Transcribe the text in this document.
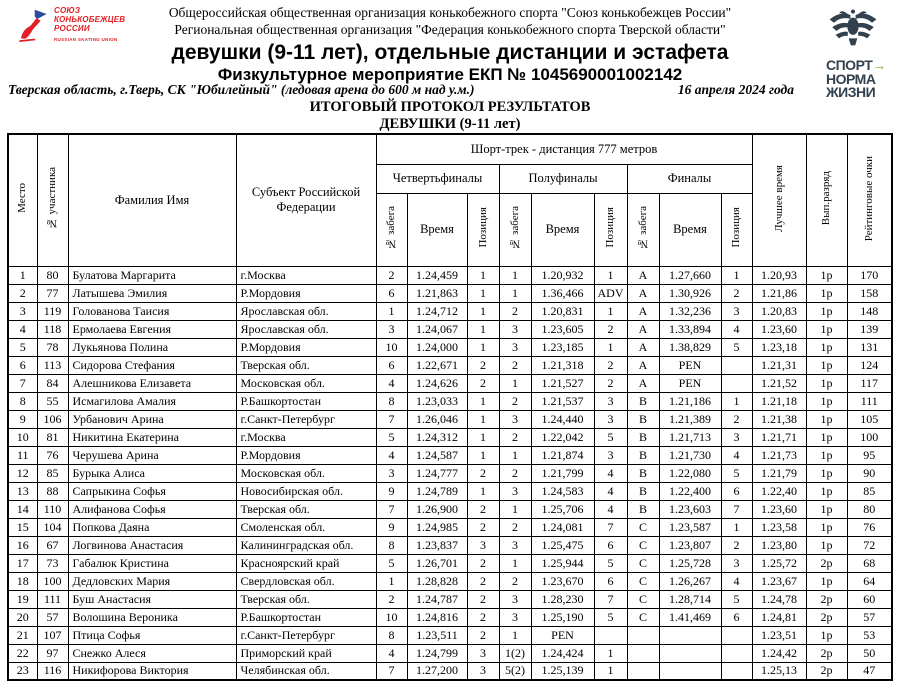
СОЮЗ
КОНЬКОБЕЖЦЕВ
РОССИИ
RUSSIAN SKATING UNION
СПОРТ→
НОРМА
ЖИЗНИ
Общероссийская общественная организация конькобежного спорта "Союз конькобежцев России"
Региональная общественная организация "Федерация конькобежного спорта Тверской области"
девушки (9-11 лет), отдельные дистанции и эстафета
Физкультурное мероприятие ЕКП № 1045690001002142
Тверская область, г.Тверь, СК "Юбилейный" (ледовая арена до 600 м над у.м.)	16 апреля 2024 года
ИТОГОВЫЙ ПРОТОКОЛ РЕЗУЛЬТАТОВ
ДЕВУШКИ (9-11 лет)
Место	№ участника	Фамилия Имя	Субъект Российской Федерации	Шорт-трек - дистанция 777 метров									Лучшее время	Вып.разряд	Рейтинговые очки
				Четвертьфиналы			Полуфиналы			Финалы					
				№ забега	Время	Позиция	№ забега	Время	Позиция	№ забега	Время	Позиция			
1	80	Булатова Маргарита	г.Москва	2	1.24,459	1	1	1.20,932	1	A	1.27,660	1	1.20,93	1р	170
2	77	Латышева Эмилия	Р.Мордовия	6	1.21,863	1	1	1.36,466	ADV	A	1.30,926	2	1.21,86	1р	158
3	119	Голованова Таисия	Ярославская обл.	1	1.24,712	1	2	1.20,831	1	A	1.32,236	3	1.20,83	1р	148
4	118	Ермолаева Евгения	Ярославская обл.	3	1.24,067	1	3	1.23,605	2	A	1.33,894	4	1.23,60	1р	139
5	78	Лукьянова Полина	Р.Мордовия	10	1.24,000	1	3	1.23,185	1	A	1.38,829	5	1.23,18	1р	131
6	113	Сидорова Стефания	Тверская обл.	6	1.22,671	2	2	1.21,318	2	A	PEN		1.21,31	1р	124
7	84	Алешникова Елизавета	Московская обл.	4	1.24,626	2	1	1.21,527	2	A	PEN		1.21,52	1р	117
8	55	Исмагилова Амалия	Р.Башкортостан	8	1.23,033	1	2	1.21,537	3	B	1.21,186	1	1.21,18	1р	111
9	106	Урбанович Арина	г.Санкт-Петербург	7	1.26,046	1	3	1.24,440	3	B	1.21,389	2	1.21,38	1р	105
10	81	Никитина Екатерина	г.Москва	5	1.24,312	1	2	1.22,042	5	B	1.21,713	3	1.21,71	1р	100
11	76	Черушева Арина	Р.Мордовия	4	1.24,587	1	1	1.21,874	3	B	1.21,730	4	1.21,73	1р	95
12	85	Бурыка Алиса	Московская обл.	3	1.24,777	2	2	1.21,799	4	B	1.22,080	5	1.21,79	1р	90
13	88	Сапрыкина Софья	Новосибирская обл.	9	1.24,789	1	3	1.24,583	4	B	1.22,400	6	1.22,40	1р	85
14	110	Алифанова Софья	Тверская обл.	7	1.26,900	2	1	1.25,706	4	B	1.23,603	7	1.23,60	1р	80
15	104	Попкова Даяна	Смоленская обл.	9	1.24,985	2	2	1.24,081	7	C	1.23,587	1	1.23,58	1р	76
16	67	Логвинова Анастасия	Калининградская обл.	8	1.23,837	3	3	1.25,475	6	C	1.23,807	2	1.23,80	1р	72
17	73	Габалюк Кристина	Красноярский край	5	1.26,701	2	1	1.25,944	5	C	1.25,728	3	1.25,72	2р	68
18	100	Дедловских Мария	Свердловская обл.	1	1.28,828	2	2	1.23,670	6	C	1.26,267	4	1.23,67	1р	64
19	111	Буш Анастасия	Тверская обл.	2	1.24,787	2	3	1.28,230	7	C	1.28,714	5	1.24,78	2р	60
20	57	Волошина Вероника	Р.Башкортостан	10	1.24,816	2	3	1.25,190	5	C	1.41,469	6	1.24,81	2р	57
21	107	Птица Софья	г.Санкт-Петербург	8	1.23,511	2	1	PEN					1.23,51	1р	53
22	97	Снежко Алеся	Приморский край	4	1.24,799	3	1(2)	1.24,424	1				1.24,42	2р	50
23	116	Никифорова Виктория	Челябинская обл.	7	1.27,200	3	5(2)	1.25,139	1				1.25,13	2р	47
